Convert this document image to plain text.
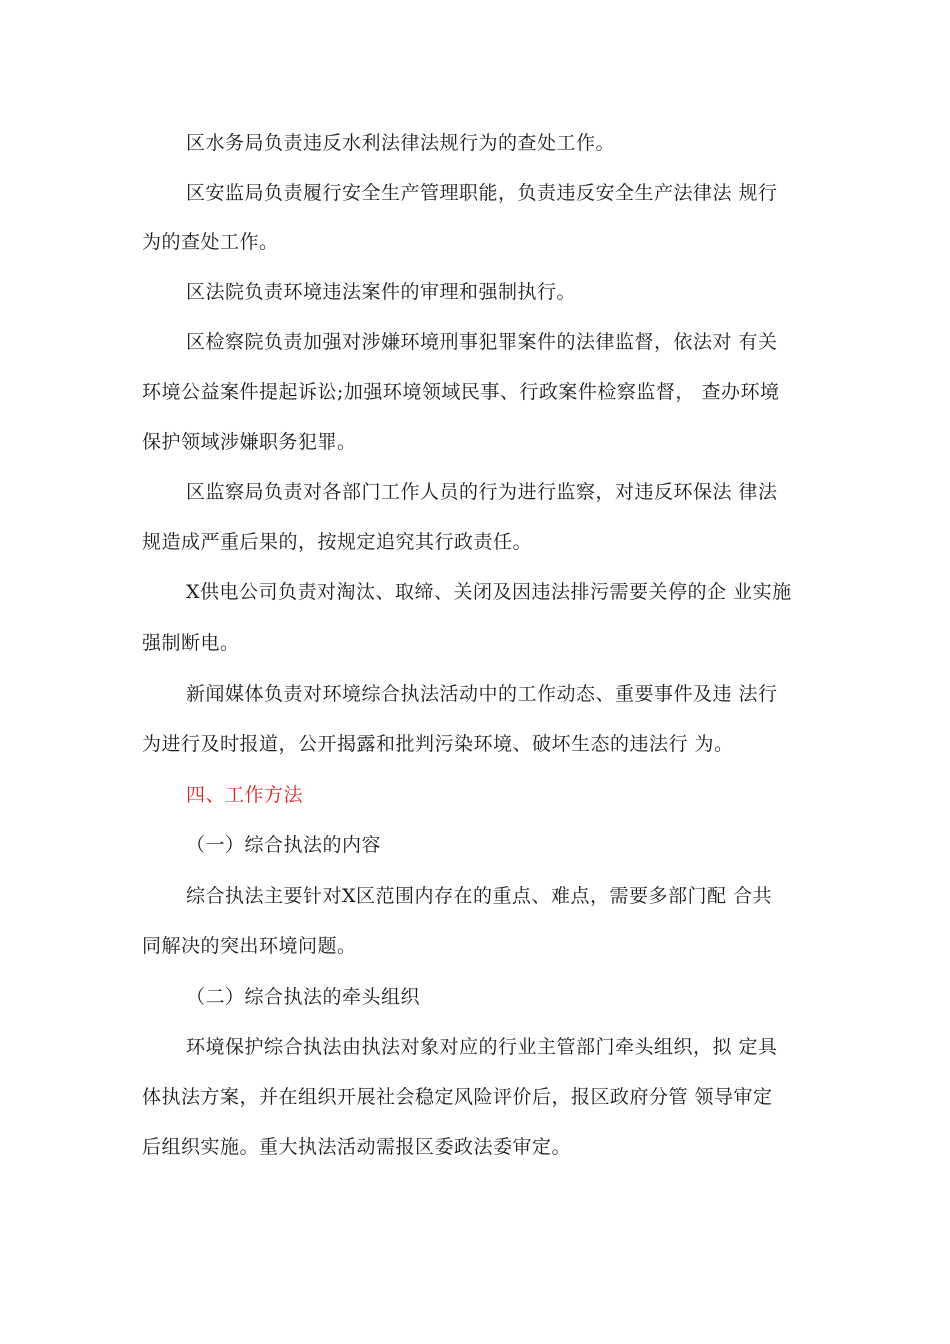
区水务局负责违反水利法律法规行为的查处工作。
区安监局负责履行安全生产管理职能，负责违反安全生产法律法 规行
为的查处工作。
区法院负责环境违法案件的审理和强制执行。
区检察院负责加强对涉嫌环境刑事犯罪案件的法律监督，依法对 有关
环境公益案件提起诉讼;加强环境领域民事、行政案件检察监督， 查办环境
保护领域涉嫌职务犯罪。
区监察局负责对各部门工作人员的行为进行监察，对违反环保法 律法
规造成严重后果的，按规定追究其行政责任。
X供电公司负责对淘汰、取缔、关闭及因违法排污需要关停的企 业实施
强制断电。
新闻媒体负责对环境综合执法活动中的工作动态、重要事件及违 法行
为进行及时报道，公开揭露和批判污染环境、破坏生态的违法行 为。
四、工作方法
（一）综合执法的内容
综合执法主要针对X区范围内存在的重点、难点，需要多部门配 合共
同解决的突出环境问题。
（二）综合执法的牵头组织
环境保护综合执法由执法对象对应的行业主管部门牵头组织，拟 定具
体执法方案，并在组织开展社会稳定风险评价后，报区政府分管 领导审定
后组织实施。重大执法活动需报区委政法委审定。
